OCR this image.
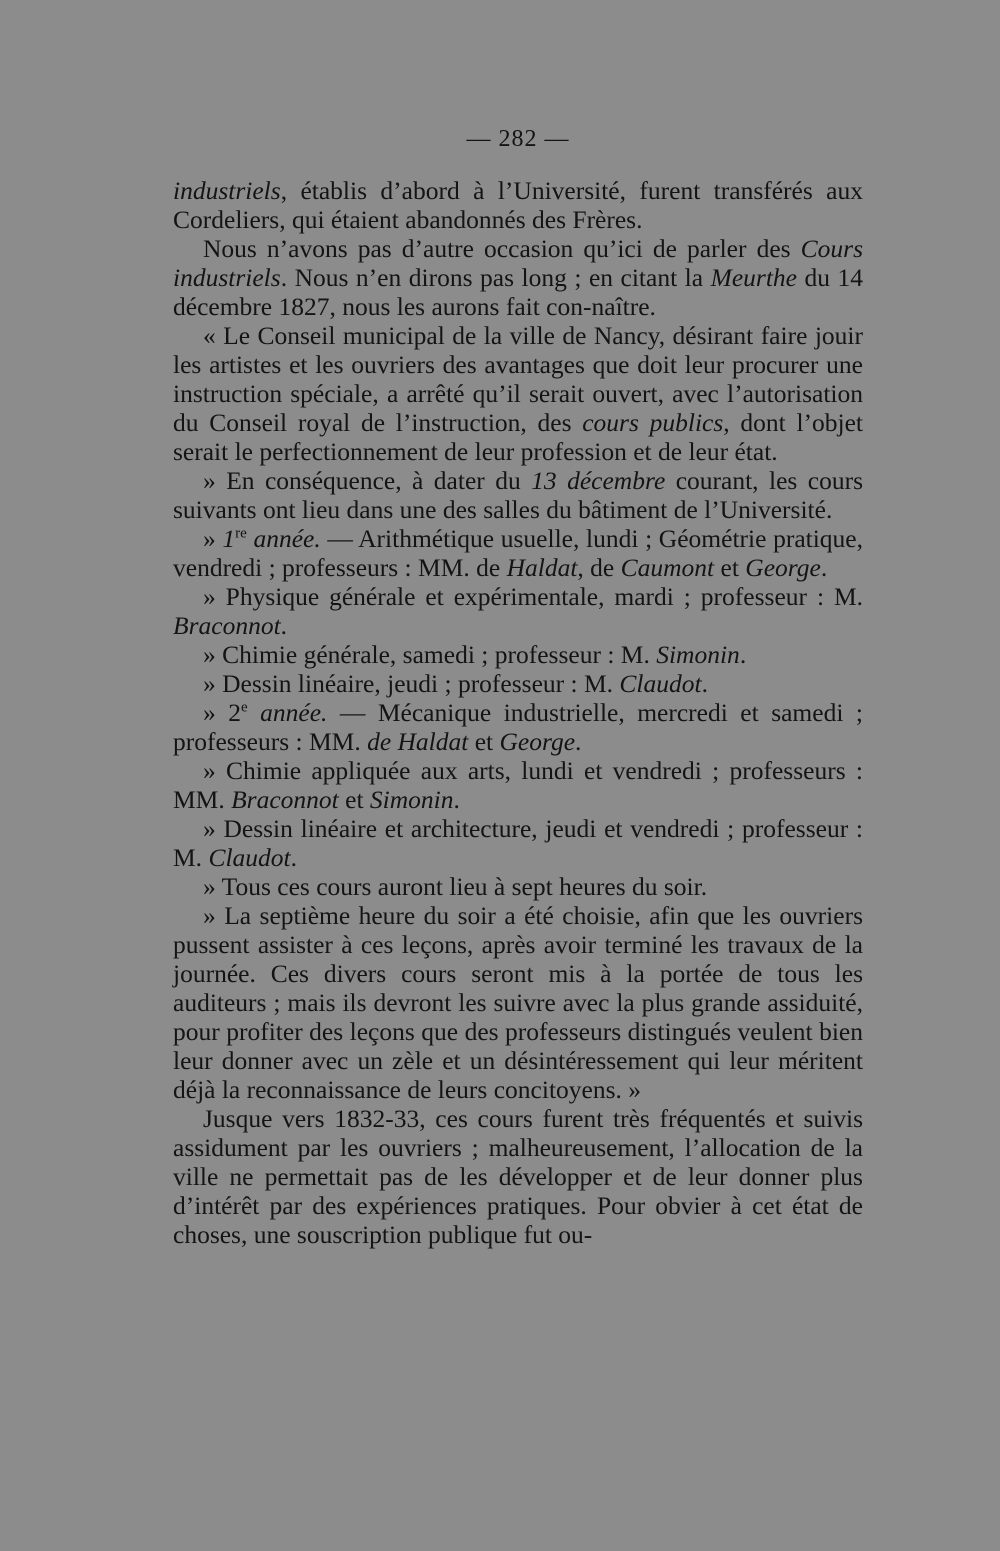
— 282 —

industriels, établis d’abord à l’Université, furent transférés aux Cordeliers, qui étaient abandonnés des Frères.

Nous n’avons pas d’autre occasion qu’ici de parler des Cours industriels. Nous n’en dirons pas long ; en citant la Meurthe du 14 décembre 1827, nous les aurons fait con-naître.

« Le Conseil municipal de la ville de Nancy, désirant faire jouir les artistes et les ouvriers des avantages que doit leur procurer une instruction spéciale, a arrêté qu’il serait ouvert, avec l’autorisation du Conseil royal de l’instruction, des cours publics, dont l’objet serait le perfectionnement de leur profession et de leur état.

» En conséquence, à dater du 13 décembre courant, les cours suivants ont lieu dans une des salles du bâtiment de l’Université.

» 1re année. — Arithmétique usuelle, lundi ; Géométrie pratique, vendredi ; professeurs : MM. de Haldat, de Caumont et George.

» Physique générale et expérimentale, mardi ; professeur : M. Braconnot.

» Chimie générale, samedi ; professeur : M. Simonin.

» Dessin linéaire, jeudi ; professeur : M. Claudot.

» 2e année. — Mécanique industrielle, mercredi et samedi ; professeurs : MM. de Haldat et George.

» Chimie appliquée aux arts, lundi et vendredi ; professeurs : MM. Braconnot et Simonin.

» Dessin linéaire et architecture, jeudi et vendredi ; professeur : M. Claudot.

» Tous ces cours auront lieu à sept heures du soir.

» La septième heure du soir a été choisie, afin que les ouvriers pussent assister à ces leçons, après avoir terminé les travaux de la journée. Ces divers cours seront mis à la portée de tous les auditeurs ; mais ils devront les suivre avec la plus grande assiduité, pour profiter des leçons que des professeurs distingués veulent bien leur donner avec un zèle et un désintéressement qui leur méritent déjà la reconnaissance de leurs concitoyens. »

Jusque vers 1832-33, ces cours furent très fréquentés et suivis assidument par les ouvriers ; malheureusement, l’allocation de la ville ne permettait pas de les développer et de leur donner plus d’intérêt par des expériences pratiques. Pour obvier à cet état de choses, une souscription publique fut ou-
